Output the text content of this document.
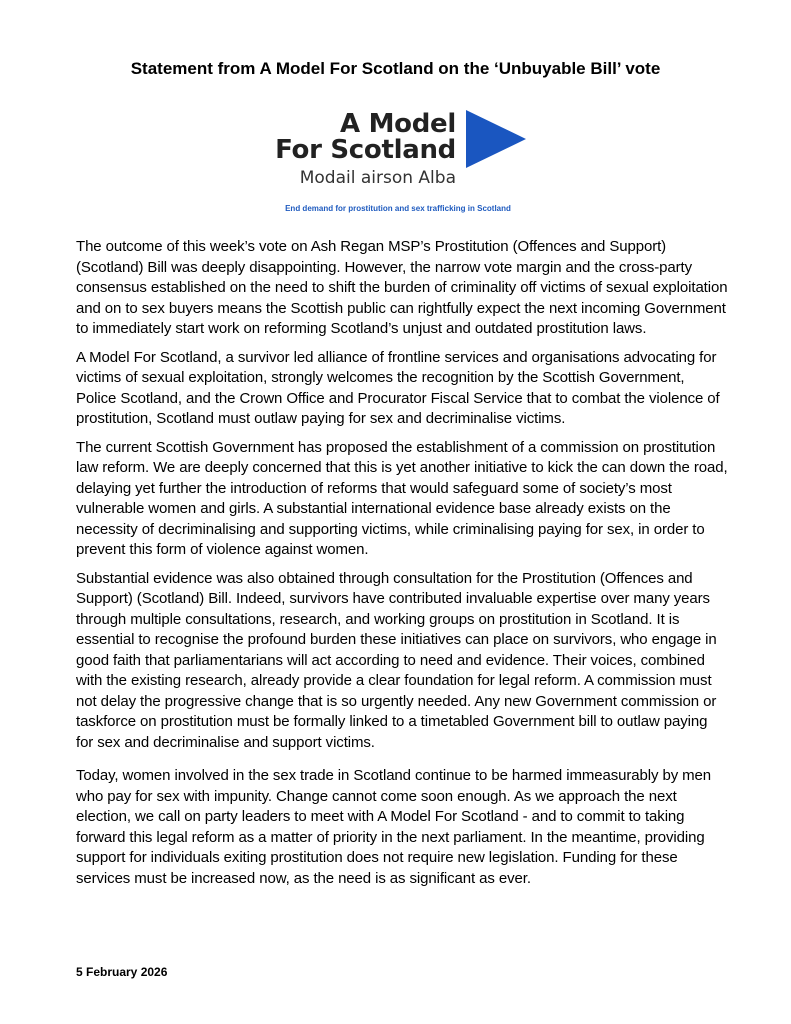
Statement from A Model For Scotland on the ‘Unbuyable Bill’ vote
A Model
For Scotland
Modail airson Alba
End demand for prostitution and sex trafficking in Scotland

The outcome of this week’s vote on Ash Regan MSP’s Prostitution (Offences and Support) (Scotland) Bill was deeply disappointing. However, the narrow vote margin and the cross-party consensus established on the need to shift the burden of criminality off victims of sexual exploitation and on to sex buyers means the Scottish public can rightfully expect the next incoming Government to immediately start work on reforming Scotland’s unjust and outdated prostitution laws.

A Model For Scotland, a survivor led alliance of frontline services and organisations advocating for victims of sexual exploitation, strongly welcomes the recognition by the Scottish Government, Police Scotland, and the Crown Office and Procurator Fiscal Service that to combat the violence of prostitution, Scotland must outlaw paying for sex and decriminalise victims.

The current Scottish Government has proposed the establishment of a commission on prostitution law reform. We are deeply concerned that this is yet another initiative to kick the can down the road, delaying yet further the introduction of reforms that would safeguard some of society’s most vulnerable women and girls. A substantial international evidence base already exists on the necessity of decriminalising and supporting victims, while criminalising paying for sex, in order to prevent this form of violence against women.

Substantial evidence was also obtained through consultation for the Prostitution (Offences and Support) (Scotland) Bill. Indeed, survivors have contributed invaluable expertise over many years through multiple consultations, research, and working groups on prostitution in Scotland. It is essential to recognise the profound burden these initiatives can place on survivors, who engage in good faith that parliamentarians will act according to need and evidence. Their voices, combined with the existing research, already provide a clear foundation for legal reform. A commission must not delay the progressive change that is so urgently needed. Any new Government commission or taskforce on prostitution must be formally linked to a timetabled Government bill to outlaw paying for sex and decriminalise and support victims.

Today, women involved in the sex trade in Scotland continue to be harmed immeasurably by men who pay for sex with impunity. Change cannot come soon enough. As we approach the next election, we call on party leaders to meet with A Model For Scotland - and to commit to taking forward this legal reform as a matter of priority in the next parliament. In the meantime, providing support for individuals exiting prostitution does not require new legislation. Funding for these services must be increased now, as the need is as significant as ever.

5 February 2026
